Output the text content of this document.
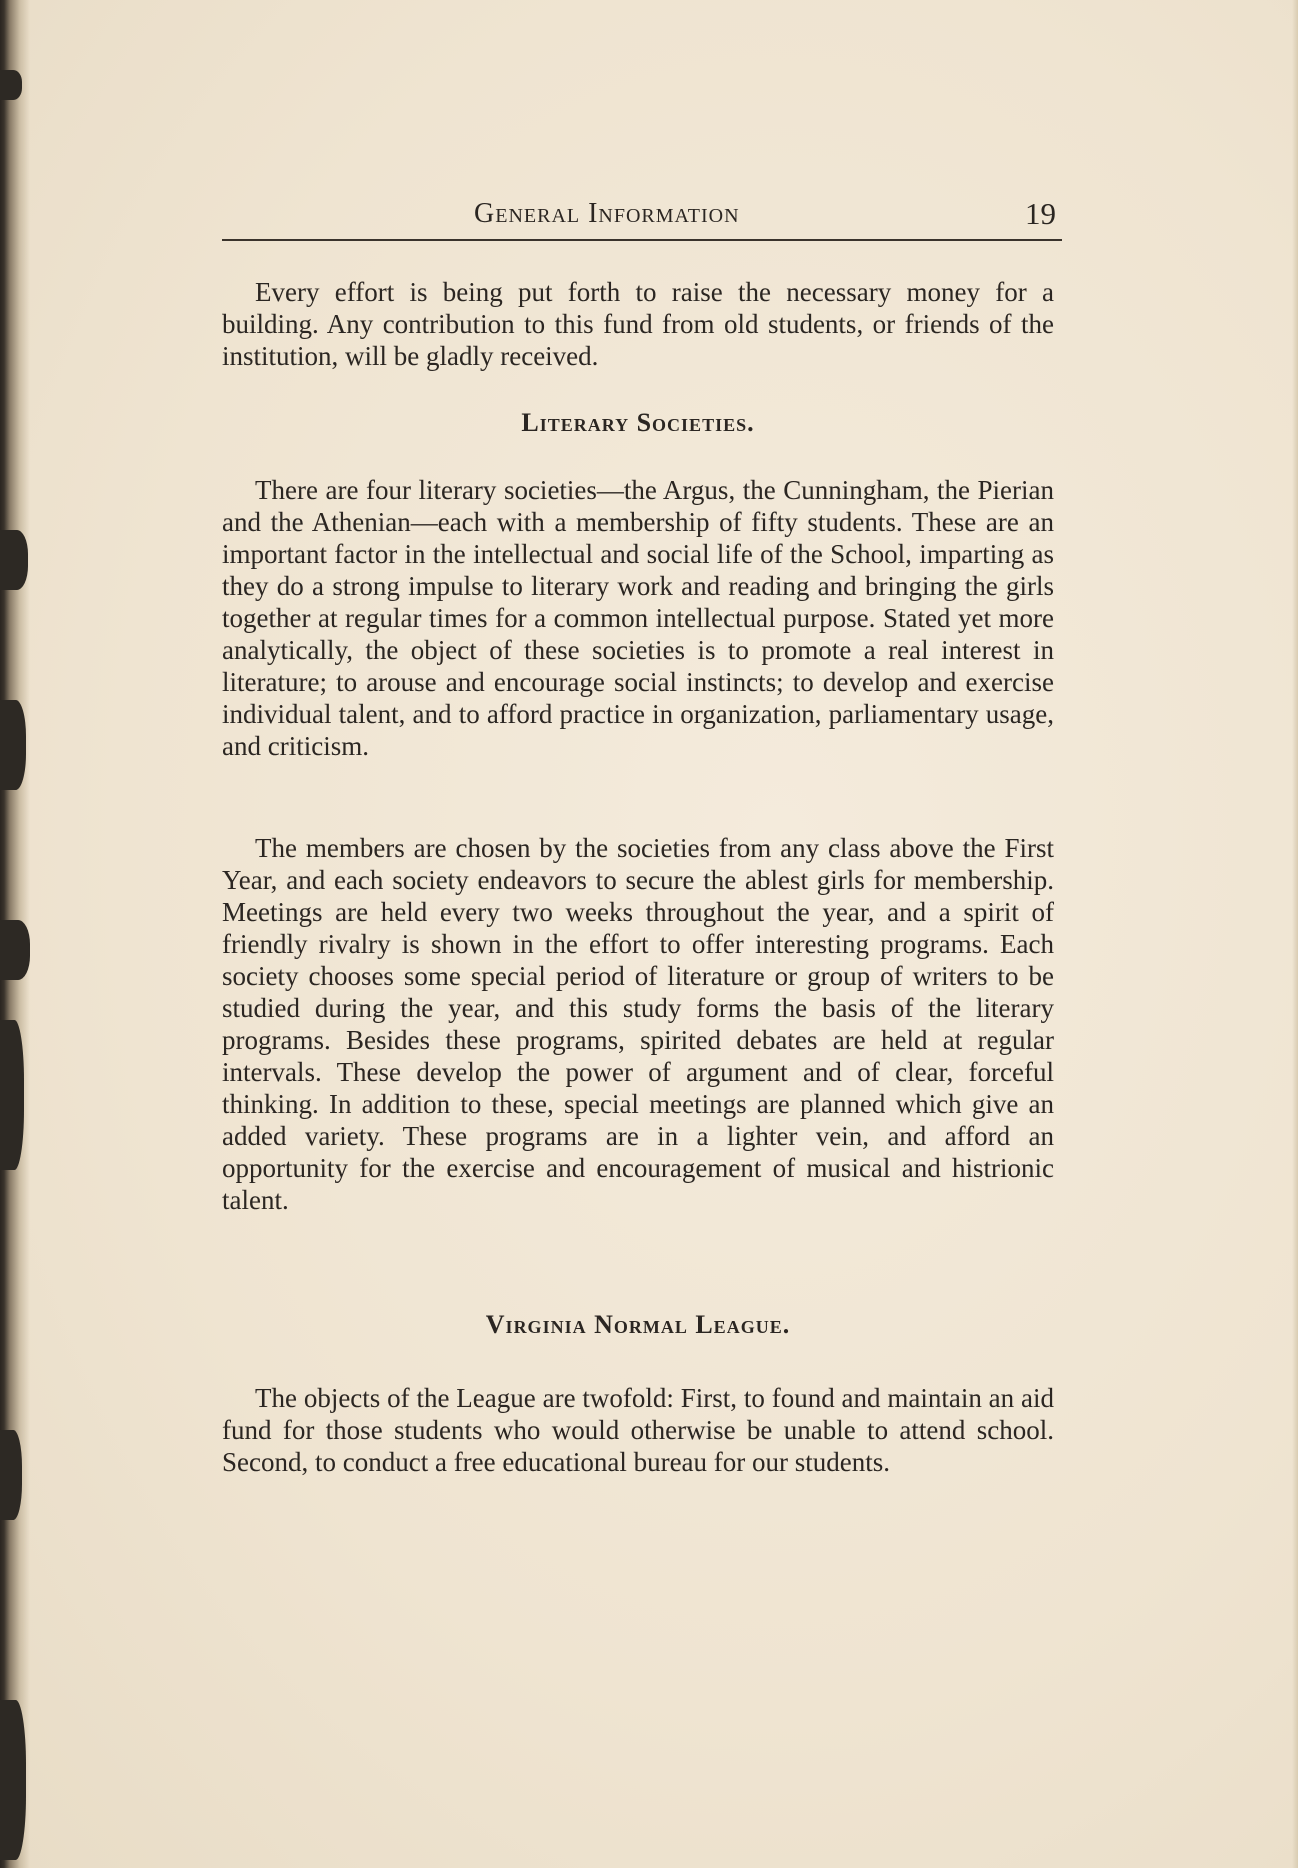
General Information	19

Every effort is being put forth to raise the necessary money for a building. Any contribution to this fund from old students, or friends of the institution, will be gladly received.

Literary Societies.

There are four literary societies—the Argus, the Cunningham, the Pierian and the Athenian—each with a membership of fifty students. These are an important factor in the intellectual and social life of the School, imparting as they do a strong impulse to literary work and reading and bringing the girls together at regular times for a common intellectual purpose. Stated yet more analytically, the object of these societies is to promote a real interest in literature; to arouse and encourage social instincts; to develop and exercise individual talent, and to afford practice in organization, parliamentary usage, and criticism.

The members are chosen by the societies from any class above the First Year, and each society endeavors to secure the ablest girls for membership. Meetings are held every two weeks throughout the year, and a spirit of friendly rivalry is shown in the effort to offer interesting programs. Each society chooses some special period of literature or group of writers to be studied during the year, and this study forms the basis of the literary programs. Besides these programs, spirited debates are held at regular intervals. These develop the power of argument and of clear, forceful thinking. In addition to these, special meetings are planned which give an added variety. These programs are in a lighter vein, and afford an opportunity for the exercise and encouragement of musical and histrionic talent.

Virginia Normal League.

The objects of the League are twofold: First, to found and maintain an aid fund for those students who would otherwise be unable to attend school. Second, to conduct a free educational bureau for our students.
